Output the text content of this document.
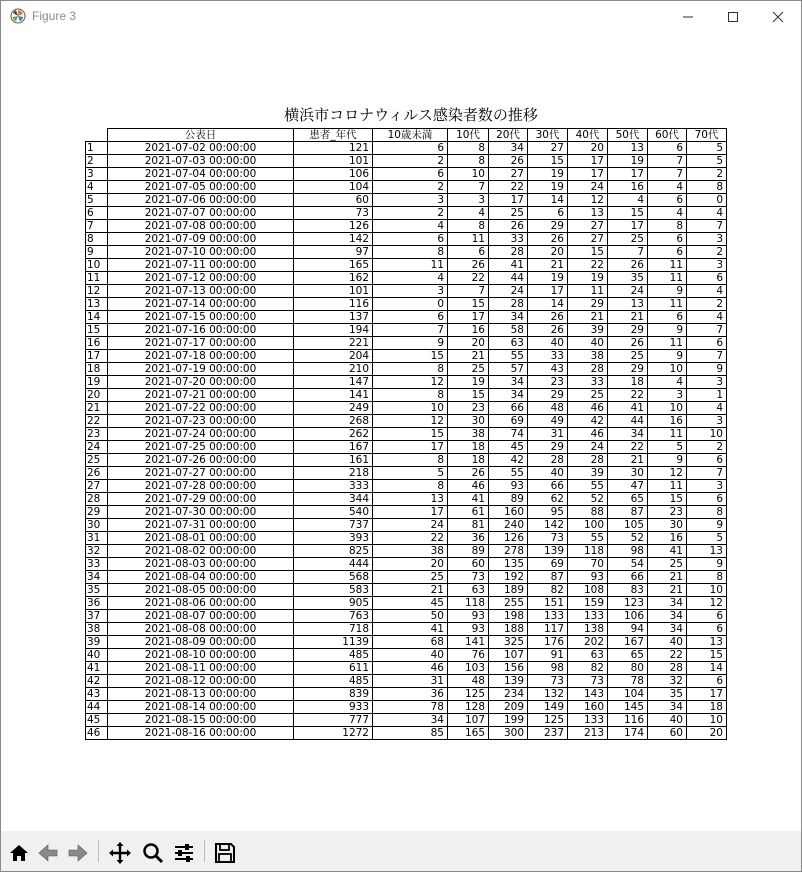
Figure 3
横浜市コロナウィルス感染者数の推移
	公表日	患者_年代	10歳未満	10代	20代	30代	40代	50代	60代	70代
1	2021-07-02 00:00:00	121	6	8	34	27	20	13	6	5
2	2021-07-03 00:00:00	101	2	8	26	15	17	19	7	5
3	2021-07-04 00:00:00	106	6	10	27	19	17	17	7	2
4	2021-07-05 00:00:00	104	2	7	22	19	24	16	4	8
5	2021-07-06 00:00:00	60	3	3	17	14	12	4	6	0
6	2021-07-07 00:00:00	73	2	4	25	6	13	15	4	4
7	2021-07-08 00:00:00	126	4	8	26	29	27	17	8	7
8	2021-07-09 00:00:00	142	6	11	33	26	27	25	6	3
9	2021-07-10 00:00:00	97	8	6	28	20	15	7	6	2
10	2021-07-11 00:00:00	165	11	26	41	21	22	26	11	3
11	2021-07-12 00:00:00	162	4	22	44	19	19	35	11	6
12	2021-07-13 00:00:00	101	3	7	24	17	11	24	9	4
13	2021-07-14 00:00:00	116	0	15	28	14	29	13	11	2
14	2021-07-15 00:00:00	137	6	17	34	26	21	21	6	4
15	2021-07-16 00:00:00	194	7	16	58	26	39	29	9	7
16	2021-07-17 00:00:00	221	9	20	63	40	40	26	11	6
17	2021-07-18 00:00:00	204	15	21	55	33	38	25	9	7
18	2021-07-19 00:00:00	210	8	25	57	43	28	29	10	9
19	2021-07-20 00:00:00	147	12	19	34	23	33	18	4	3
20	2021-07-21 00:00:00	141	8	15	34	29	25	22	3	1
21	2021-07-22 00:00:00	249	10	23	66	48	46	41	10	4
22	2021-07-23 00:00:00	268	12	30	69	49	42	44	16	3
23	2021-07-24 00:00:00	262	15	38	74	31	46	34	11	10
24	2021-07-25 00:00:00	167	17	18	45	29	24	22	5	2
25	2021-07-26 00:00:00	161	8	18	42	28	28	21	9	6
26	2021-07-27 00:00:00	218	5	26	55	40	39	30	12	7
27	2021-07-28 00:00:00	333	8	46	93	66	55	47	11	3
28	2021-07-29 00:00:00	344	13	41	89	62	52	65	15	6
29	2021-07-30 00:00:00	540	17	61	160	95	88	87	23	8
30	2021-07-31 00:00:00	737	24	81	240	142	100	105	30	9
31	2021-08-01 00:00:00	393	22	36	126	73	55	52	16	5
32	2021-08-02 00:00:00	825	38	89	278	139	118	98	41	13
33	2021-08-03 00:00:00	444	20	60	135	69	70	54	25	9
34	2021-08-04 00:00:00	568	25	73	192	87	93	66	21	8
35	2021-08-05 00:00:00	583	21	63	189	82	108	83	21	10
36	2021-08-06 00:00:00	905	45	118	255	151	159	123	34	12
37	2021-08-07 00:00:00	763	50	93	198	133	133	106	34	6
38	2021-08-08 00:00:00	718	41	93	188	117	138	94	34	6
39	2021-08-09 00:00:00	1139	68	141	325	176	202	167	40	13
40	2021-08-10 00:00:00	485	40	76	107	91	63	65	22	15
41	2021-08-11 00:00:00	611	46	103	156	98	82	80	28	14
42	2021-08-12 00:00:00	485	31	48	139	73	73	78	32	6
43	2021-08-13 00:00:00	839	36	125	234	132	143	104	35	17
44	2021-08-14 00:00:00	933	78	128	209	149	160	145	34	18
45	2021-08-15 00:00:00	777	34	107	199	125	133	116	40	10
46	2021-08-16 00:00:00	1272	85	165	300	237	213	174	60	20
